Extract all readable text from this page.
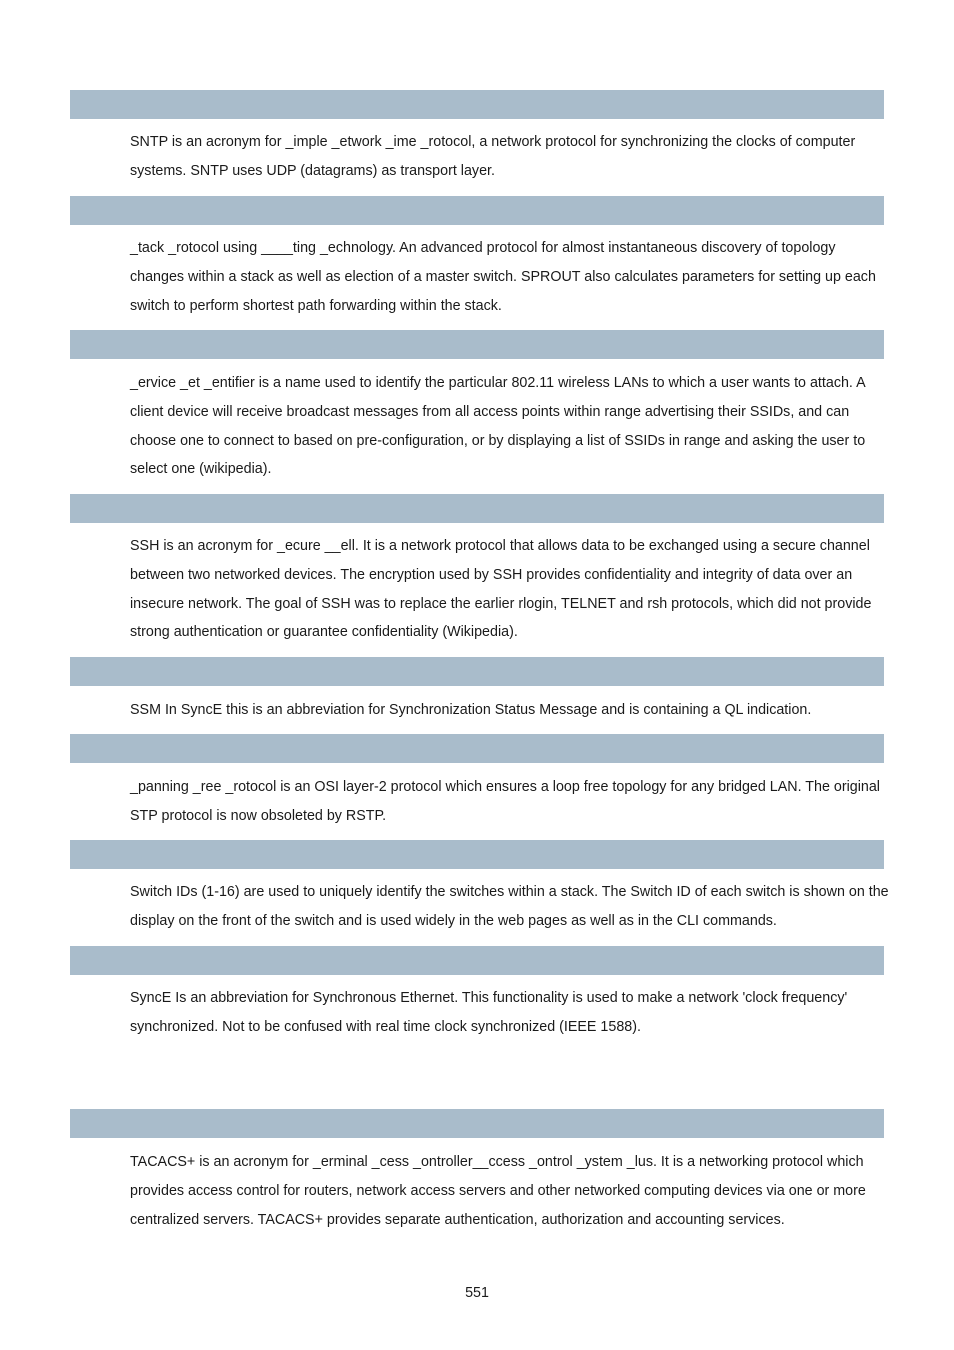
SNTP is an acronym for _imple _etwork _ime _rotocol, a network protocol for synchronizing the clocks of computer systems. SNTP uses UDP (datagrams) as transport layer.

_tack _rotocol using ____ting _echnology. An advanced protocol for almost instantaneous discovery of topology changes within a stack as well as election of a master switch. SPROUT also calculates parameters for setting up each switch to perform shortest path forwarding within the stack.

_ervice _et _entifier is a name used to identify the particular 802.11 wireless LANs to which a user wants to attach. A client device will receive broadcast messages from all access points within range advertising their SSIDs, and can choose one to connect to based on pre-configuration, or by displaying a list of SSIDs in range and asking the user to select one (wikipedia).

SSH is an acronym for _ecure __ell. It is a network protocol that allows data to be exchanged using a secure channel between two networked devices. The encryption used by SSH provides confidentiality and integrity of data over an insecure network. The goal of SSH was to replace the earlier rlogin, TELNET and rsh protocols, which did not provide strong authentication or guarantee confidentiality (Wikipedia).

SSM In SyncE this is an abbreviation for Synchronization Status Message and is containing a QL indication.

_panning _ree _rotocol is an OSI layer-2 protocol which ensures a loop free topology for any bridged LAN. The original STP protocol is now obsoleted by RSTP.

Switch IDs (1-16) are used to uniquely identify the switches within a stack. The Switch ID of each switch is shown on the display on the front of the switch and is used widely in the web pages as well as in the CLI commands.

SyncE Is an abbreviation for Synchronous Ethernet. This functionality is used to make a network 'clock frequency' synchronized. Not to be confused with real time clock synchronized (IEEE 1588).

TACACS+ is an acronym for _erminal _cess _ontroller__ccess _ontrol _ystem _lus. It is a networking protocol which provides access control for routers, network access servers and other networked computing devices via one or more centralized servers. TACACS+ provides separate authentication, authorization and accounting services.

551
